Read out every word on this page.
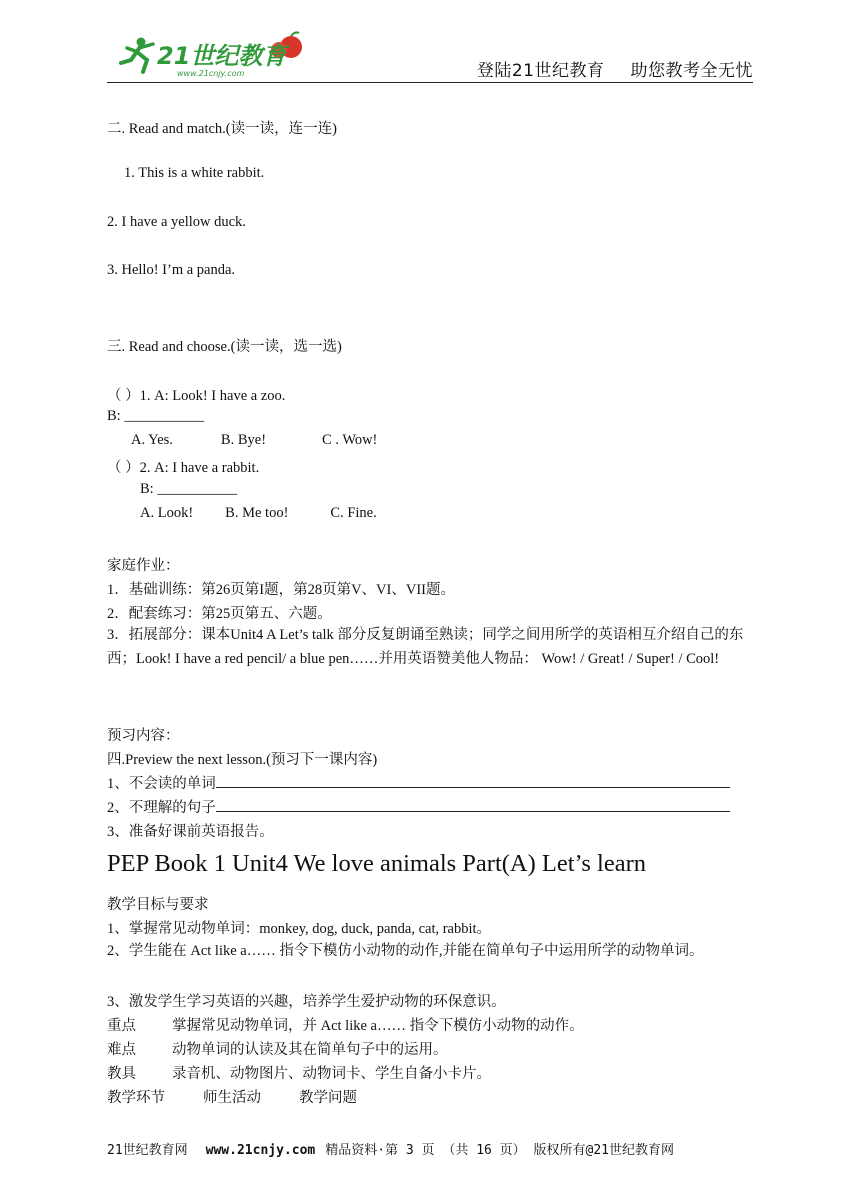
21世纪教育
www.21cnjy.com	登陆21世纪教育 助您教考全无忧
二. Read and match.(读一读，连一连)
1. This is a white rabbit.
2. I have a yellow duck.
3. Hello! I’m a panda.
三. Read and choose.(读一读，选一选)
（ ）1. A: Look! I have a zoo.
B: ___________
A. Yes.	B. Bye!	C . Wow!
（ ）2. A: I have a rabbit.
B: ___________
A. Look! B. Me too!	C. Fine.
家庭作业：
1．基础训练：第26页第I题，第28页第V、VI、VII题。
2．配套练习：第25页第五、六题。
3．拓展部分：课本Unit4 A Let’s talk 部分反复朗诵至熟读；同学之间用所学的英语相互介绍自己的东西；Look! I have a red pencil/ a blue pen……并用英语赞美他人物品： Wow! / Great! / Super! / Cool!
预习内容：
四.Preview the next lesson.(预习下一课内容)
1、不会读的单词
2、不理解的句子
3、准备好课前英语报告。
PEP Book 1 Unit4 We love animals Part(A) Let’s learn
教学目标与要求
1、掌握常见动物单词：monkey, dog, duck, panda, cat, rabbit。
2、学生能在 Act like a…… 指令下模仿小动物的动作,并能在简单句子中运用所学的动物单词。
3、激发学生学习英语的兴趣，培养学生爱护动物的环保意识。
重点 掌握常见动物单词，并 Act like a…… 指令下模仿小动物的动作。
难点 动物单词的认读及其在简单句子中的运用。
教具 录音机、动物图片、动物词卡、学生自备小卡片。
教学环节	师生活动	教学问题
21世纪教育网 www.21cnjy.com 精品资料·第 3 页 （共 16 页） 版权所有@21世纪教育网
